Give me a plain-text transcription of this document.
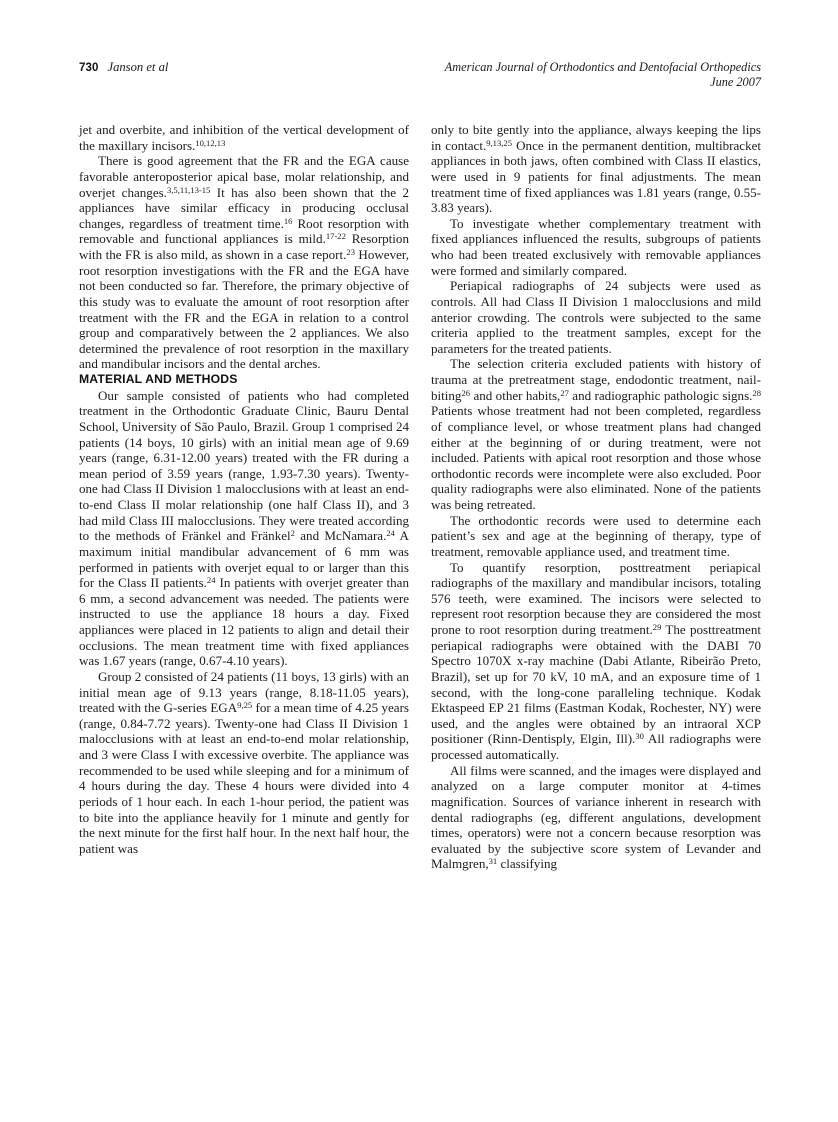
730 Janson et al	American Journal of Orthodontics and Dentofacial Orthopedics
June 2007

jet and overbite, and inhibition of the vertical development of the maxillary incisors.$^{10,12,13}$

There is good agreement that the FR and the EGA cause favorable anteroposterior apical base, molar relationship, and overjet changes.$^{3,5,11,13-15}$ It has also been shown that the 2 appliances have similar efficacy in producing occlusal changes, regardless of treatment time.$^{16}$ Root resorption with removable and functional appliances is mild.$^{17-22}$ Resorption with the FR is also mild, as shown in a case report.$^{23}$ However, root resorption investigations with the FR and the EGA have not been conducted so far. Therefore, the primary objective of this study was to evaluate the amount of root resorption after treatment with the FR and the EGA in relation to a control group and comparatively between the 2 appliances. We also determined the prevalence of root resorption in the maxillary and mandibular incisors and the dental arches.

MATERIAL AND METHODS

Our sample consisted of patients who had completed treatment in the Orthodontic Graduate Clinic, Bauru Dental School, University of São Paulo, Brazil. Group 1 comprised 24 patients (14 boys, 10 girls) with an initial mean age of 9.69 years (range, 6.31-12.00 years) treated with the FR during a mean period of 3.59 years (range, 1.93-7.30 years). Twenty-one had Class II Division 1 malocclusions with at least an end-to-end Class II molar relationship (one half Class II), and 3 had mild Class III malocclusions. They were treated according to the methods of Fränkel and Fränkel$^2$ and McNamara.$^{24}$ A maximum initial mandibular advancement of 6 mm was performed in patients with overjet equal to or larger than this for the Class II patients.$^{24}$ In patients with overjet greater than 6 mm, a second advancement was needed. The patients were instructed to use the appliance 18 hours a day. Fixed appliances were placed in 12 patients to align and detail their occlusions. The mean treatment time with fixed appliances was 1.67 years (range, 0.67-4.10 years).

Group 2 consisted of 24 patients (11 boys, 13 girls) with an initial mean age of 9.13 years (range, 8.18-11.05 years), treated with the G-series EGA$^{9,25}$ for a mean time of 4.25 years (range, 0.84-7.72 years). Twenty-one had Class II Division 1 malocclusions with at least an end-to-end molar relationship, and 3 were Class I with excessive overbite. The appliance was recommended to be used while sleeping and for a minimum of 4 hours during the day. These 4 hours were divided into 4 periods of 1 hour each. In each 1-hour period, the patient was to bite into the appliance heavily for 1 minute and gently for the next minute for the first half hour. In the next half hour, the patient was

only to bite gently into the appliance, always keeping the lips in contact.$^{9,13,25}$ Once in the permanent dentition, multibracket appliances in both jaws, often combined with Class II elastics, were used in 9 patients for final adjustments. The mean treatment time of fixed appliances was 1.81 years (range, 0.55-3.83 years).

To investigate whether complementary treatment with fixed appliances influenced the results, subgroups of patients who had been treated exclusively with removable appliances were formed and similarly compared.

Periapical radiographs of 24 subjects were used as controls. All had Class II Division 1 malocclusions and mild anterior crowding. The controls were subjected to the same criteria applied to the treatment samples, except for the parameters for the treated patients.

The selection criteria excluded patients with history of trauma at the pretreatment stage, endodontic treatment, nail-biting$^{26}$ and other habits,$^{27}$ and radiographic pathologic signs.$^{28}$ Patients whose treatment had not been completed, regardless of compliance level, or whose treatment plans had changed either at the beginning of or during treatment, were not included. Patients with apical root resorption and those whose orthodontic records were incomplete were also excluded. Poor quality radiographs were also eliminated. None of the patients was being retreated.

The orthodontic records were used to determine each patient’s sex and age at the beginning of therapy, type of treatment, removable appliance used, and treatment time.

To quantify resorption, posttreatment periapical radiographs of the maxillary and mandibular incisors, totaling 576 teeth, were examined. The incisors were selected to represent root resorption because they are considered the most prone to root resorption during treatment.$^{29}$ The posttreatment periapical radiographs were obtained with the DABI 70 Spectro 1070X x-ray machine (Dabi Atlante, Ribeirão Preto, Brazil), set up for 70 kV, 10 mA, and an exposure time of 1 second, with the long-cone paralleling technique. Kodak Ektaspeed EP 21 films (Eastman Kodak, Rochester, NY) were used, and the angles were obtained by an intraoral XCP positioner (Rinn-Dentisply, Elgin, Ill).$^{30}$ All radiographs were processed automatically.

All films were scanned, and the images were displayed and analyzed on a large computer monitor at 4-times magnification. Sources of variance inherent in research with dental radiographs (eg, different angulations, development times, operators) were not a concern because resorption was evaluated by the subjective score system of Levander and Malmgren,$^{31}$ classifying
